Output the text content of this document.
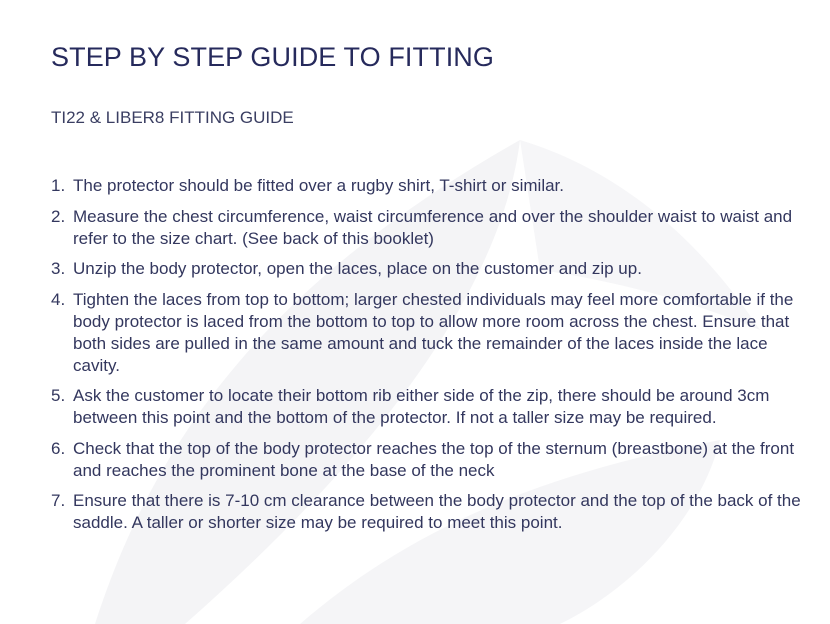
STEP BY STEP GUIDE TO FITTING
TI22 & LIBER8 FITTING GUIDE
1. The protector should be fitted over a rugby shirt, T-shirt or similar.
2. Measure the chest circumference, waist circumference and over the shoulder waist to waist and refer to the size chart. (See back of this booklet)
3. Unzip the body protector, open the laces, place on the customer and zip up.
4. Tighten the laces from top to bottom; larger chested individuals may feel more comfortable if the body protector is laced from the bottom to top to allow more room across the chest. Ensure that both sides are pulled in the same amount and tuck the remainder of the laces inside the lace cavity.
5. Ask the customer to locate their bottom rib either side of the zip, there should be around 3cm between this point and the bottom of the protector. If not a taller size may be required.
6. Check that the top of the body protector reaches the top of the sternum (breastbone) at the front and reaches the prominent bone at the base of the neck
7. Ensure that there is 7-10 cm clearance between the body protector and the top of the back of the saddle. A taller or shorter size may be required to meet this point.
